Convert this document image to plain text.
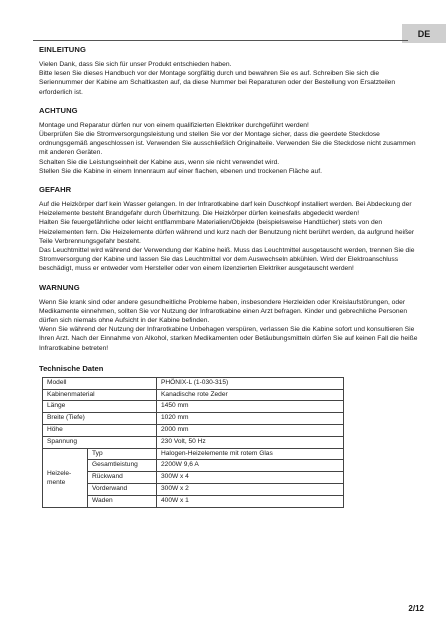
DE
EINLEITUNG

Vielen Dank, dass Sie sich für unser Produkt entschieden haben.

Bitte lesen Sie dieses Handbuch vor der Montage sorgfältig durch und bewahren Sie es auf. Schreiben Sie sich die Seriennummer der Kabine am Schaltkasten auf, da diese Nummer bei Reparaturen oder der Bestellung von Ersatzteilen erforderlich ist.

ACHTUNG

Montage und Reparatur dürfen nur von einem qualifizierten Elektriker durchgeführt werden!

Überprüfen Sie die Stromversorgungsleistung und stellen Sie vor der Montage sicher, dass die geerdete Steckdose ordnungsgemäß angeschlossen ist. Verwenden Sie ausschließlich Originalteile. Verwenden Sie die Steckdose nicht zusammen mit anderen Geräten.

Schalten Sie die Leistungseinheit der Kabine aus, wenn sie nicht verwendet wird.

Stellen Sie die Kabine in einem Innenraum auf einer flachen, ebenen und trockenen Fläche auf.

GEFAHR

Auf die Heizkörper darf kein Wasser gelangen. In der Infrarotkabine darf kein Duschkopf installiert werden. Bei Abdeckung der Heizelemente besteht Brandgefahr durch Überhitzung. Die Heizkörper dürfen keinesfalls abgedeckt werden!

Halten Sie feuergefährliche oder leicht entflammbare Materialien/Objekte (beispielsweise Handtücher) stets von den Heizelementen fern. Die Heizelemente dürfen während und kurz nach der Benutzung nicht berührt werden, da aufgrund heißer Teile Verbrennungsgefahr besteht.

Das Leuchtmittel wird während der Verwendung der Kabine heiß. Muss das Leuchtmittel ausgetauscht werden, trennen Sie die Stromversorgung der Kabine und lassen Sie das Leuchtmittel vor dem Auswechseln abkühlen. Wird der Elektroanschluss beschädigt, muss er entweder vom Hersteller oder von einem lizenzierten Elektriker ausgetauscht werden!

WARNUNG

Wenn Sie krank sind oder andere gesundheitliche Probleme haben, insbesondere Herzleiden oder Kreislaufstörungen, oder Medikamente einnehmen, sollten Sie vor Nutzung der Infrarotkabine einen Arzt befragen. Kinder und gebrechliche Personen dürfen sich niemals ohne Aufsicht in der Kabine befinden.

Wenn Sie während der Nutzung der Infrarotkabine Unbehagen verspüren, verlassen Sie die Kabine sofort und konsultieren Sie Ihren Arzt. Nach der Einnahme von Alkohol, starken Medikamenten oder Betäubungsmitteln dürfen Sie auf keinen Fall die heiße Infrarotkabine betreten!

Technische Daten
Modell		PHÖNIX-L (1-030-315)
Kabinenmaterial		Kanadische rote Zeder
Länge		1450 mm
Breite (Tiefe)		1020 mm
Höhe		2000 mm
Spannung		230 Volt, 50 Hz
Heizele-mente	Typ	Halogen-Heizelemente mit rotem Glas
	Gesamtleistung	2200W 9,6 A
	Rückwand	300W x 4
	Vorderwand	300W x 2
	Waden	400W x 1
2/12
